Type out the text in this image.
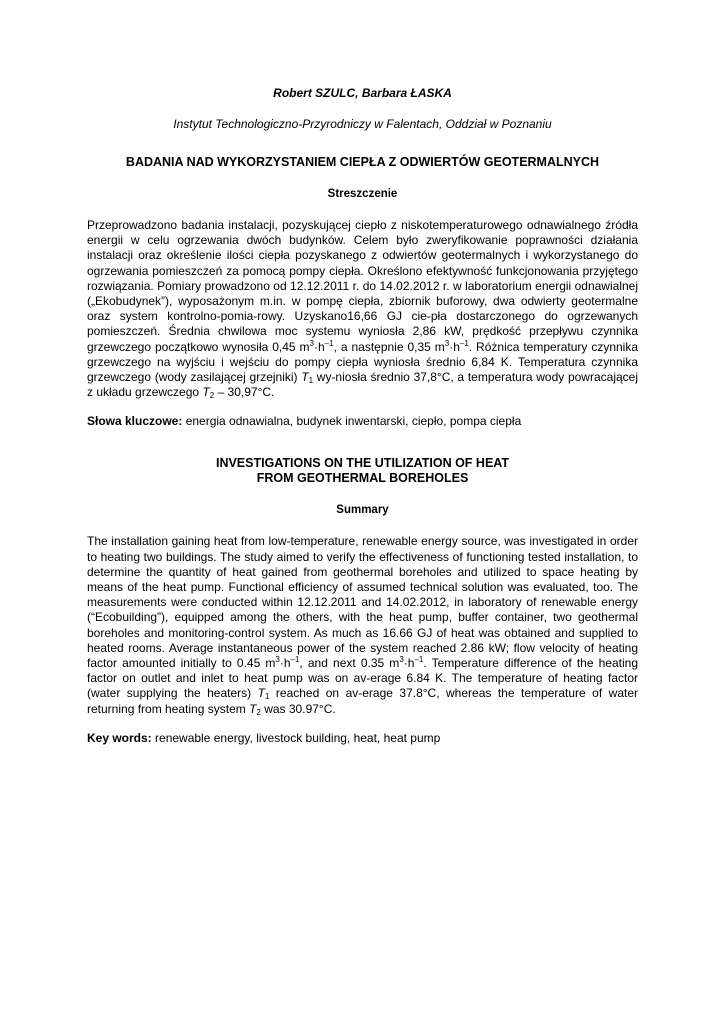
Robert SZULC, Barbara ŁASKA

Instytut Technologiczno-Przyrodniczy w Falentach, Oddział w Poznaniu

BADANIA NAD WYKORZYSTANIEM CIEPŁA Z ODWIERTÓW GEOTERMALNYCH

Streszczenie

Przeprowadzono badania instalacji, pozyskującej ciepło z niskotemperaturowego odnawialnego źródła energii w celu ogrzewania dwóch budynków. Celem było zweryfikowanie poprawności działania instalacji oraz określenie ilości ciepła pozyskanego z odwiertów geotermalnych i wykorzystanego do ogrzewania pomieszczeń za pomocą pompy ciepła. Określono efektywność funkcjonowania przyjętego rozwiązania. Pomiary prowadzono od 12.12.2011 r. do 14.02.2012 r. w laboratorium energii odnawialnej („Ekobudynek”), wyposażonym m.in. w pompę ciepła, zbiornik buforowy, dwa odwierty geotermalne oraz system kontrolno-pomia-rowy. Uzyskano16,66 GJ cie-pła dostarczonego do ogrzewanych pomieszczeń. Średnia chwilowa moc systemu wyniosła 2,86 kW, prędkość przepływu czynnika grzewczego początkowo wynosiła 0,45 $m^3\cdot h^{-1}$, a następnie 0,35 $m^3\cdot h^{-1}$. Różnica temperatury czynnika grzewczego na wyjściu i wejściu do pompy ciepła wyniosła średnio 6,84 K. Temperatura czynnika grzewczego (wody zasilającej grzejniki) $T_1$ wy-niosła średnio 37,8°C, a temperatura wody powracającej z układu grzewczego $T_2 - 30,97^\circ C$.

Słowa kluczowe: energia odnawialna, budynek inwentarski, ciepło, pompa ciepła

INVESTIGATIONS ON THE UTILIZATION OF HEAT
FROM GEOTHERMAL BOREHOLES

Summary

The installation gaining heat from low-temperature, renewable energy source, was investigated in order to heating two buildings. The study aimed to verify the effectiveness of functioning tested installation, to determine the quantity of heat gained from geothermal boreholes and utilized to space heating by means of the heat pump. Functional efficiency of assumed technical solution was evaluated, too. The measurements were conducted within 12.12.2011 and 14.02.2012, in laboratory of renewable energy (“Ecobuilding”), equipped among the others, with the heat pump, buffer container, two geothermal boreholes and monitoring-control system. As much as 16.66 GJ of heat was obtained and supplied to heated rooms. Average instantaneous power of the system reached 2.86 kW; flow velocity of heating factor amounted initially to 0.45 $m^3\cdot h^{-1}$, and next 0.35 $m^3\cdot h^{-1}$. Temperature difference of the heating factor on outlet and inlet to heat pump was on av-erage 6.84 K. The temperature of heating factor (water supplying the heaters) $T_1$ reached on av-erage 37.8°C, whereas the temperature of water returning from heating system $T_2$ was 30.97°C.

Key words: renewable energy, livestock building, heat, heat pump
